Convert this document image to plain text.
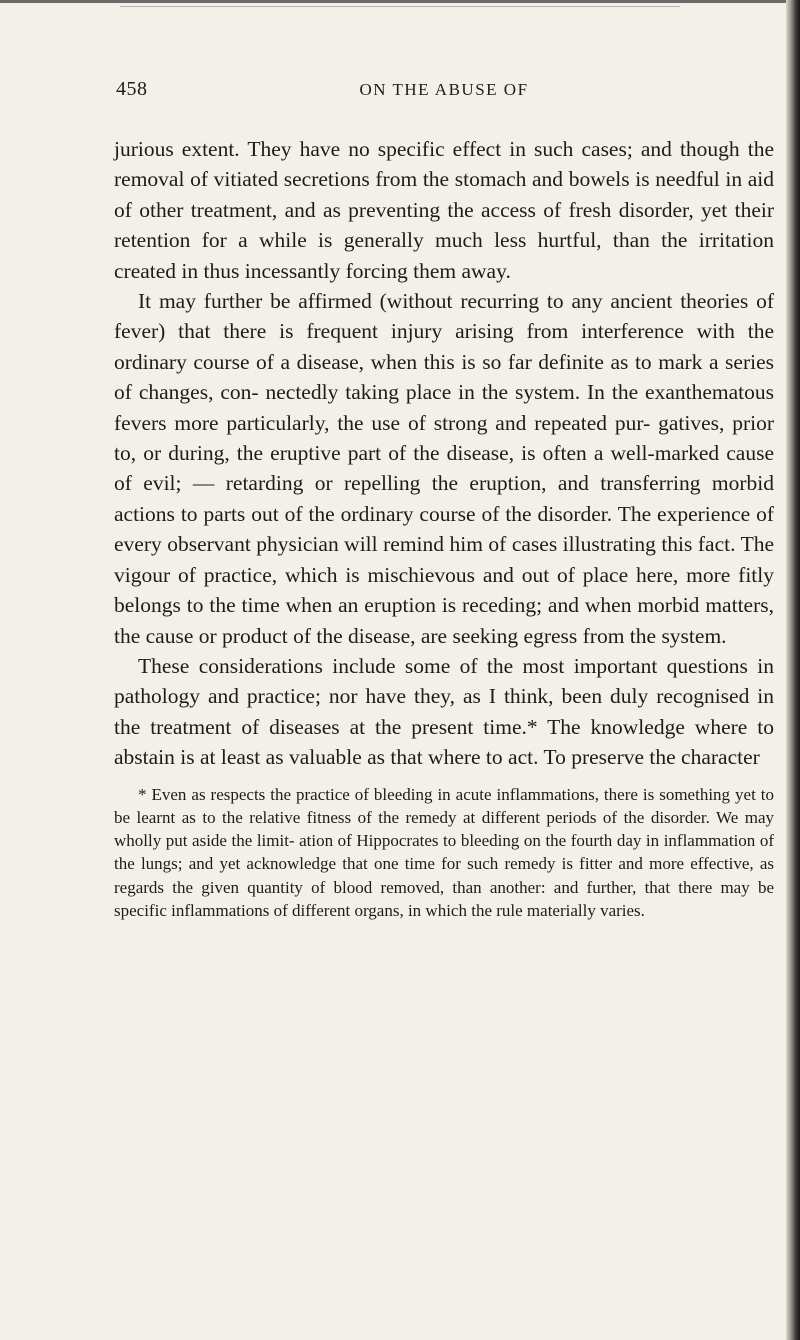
458	ON THE ABUSE OF

jurious extent. They have no specific effect in such cases; and though the removal of vitiated secretions from the stomach and bowels is needful in aid of other treatment, and as preventing the access of fresh disorder, yet their retention for a while is generally much less hurtful, than the irritation created in thus incessantly forcing them away.

It may further be affirmed (without recurring to any ancient theories of fever) that there is frequent injury arising from interference with the ordinary course of a disease, when this is so far definite as to mark a series of changes, con- nectedly taking place in the system. In the exanthematous fevers more particularly, the use of strong and repeated pur- gatives, prior to, or during, the eruptive part of the disease, is often a well-marked cause of evil; — retarding or repelling the eruption, and transferring morbid actions to parts out of the ordinary course of the disorder. The experience of every observant physician will remind him of cases illustrating this fact. The vigour of practice, which is mischievous and out of place here, more fitly belongs to the time when an eruption is receding; and when morbid matters, the cause or product of the disease, are seeking egress from the system.

These considerations include some of the most important questions in pathology and practice; nor have they, as I think, been duly recognised in the treatment of diseases at the present time.* The knowledge where to abstain is at least as valuable as that where to act. To preserve the character

* Even as respects the practice of bleeding in acute inflammations, there is something yet to be learnt as to the relative fitness of the remedy at different periods of the disorder. We may wholly put aside the limit- ation of Hippocrates to bleeding on the fourth day in inflammation of the lungs; and yet acknowledge that one time for such remedy is fitter and more effective, as regards the given quantity of blood removed, than another: and further, that there may be specific inflammations of different organs, in which the rule materially varies.
